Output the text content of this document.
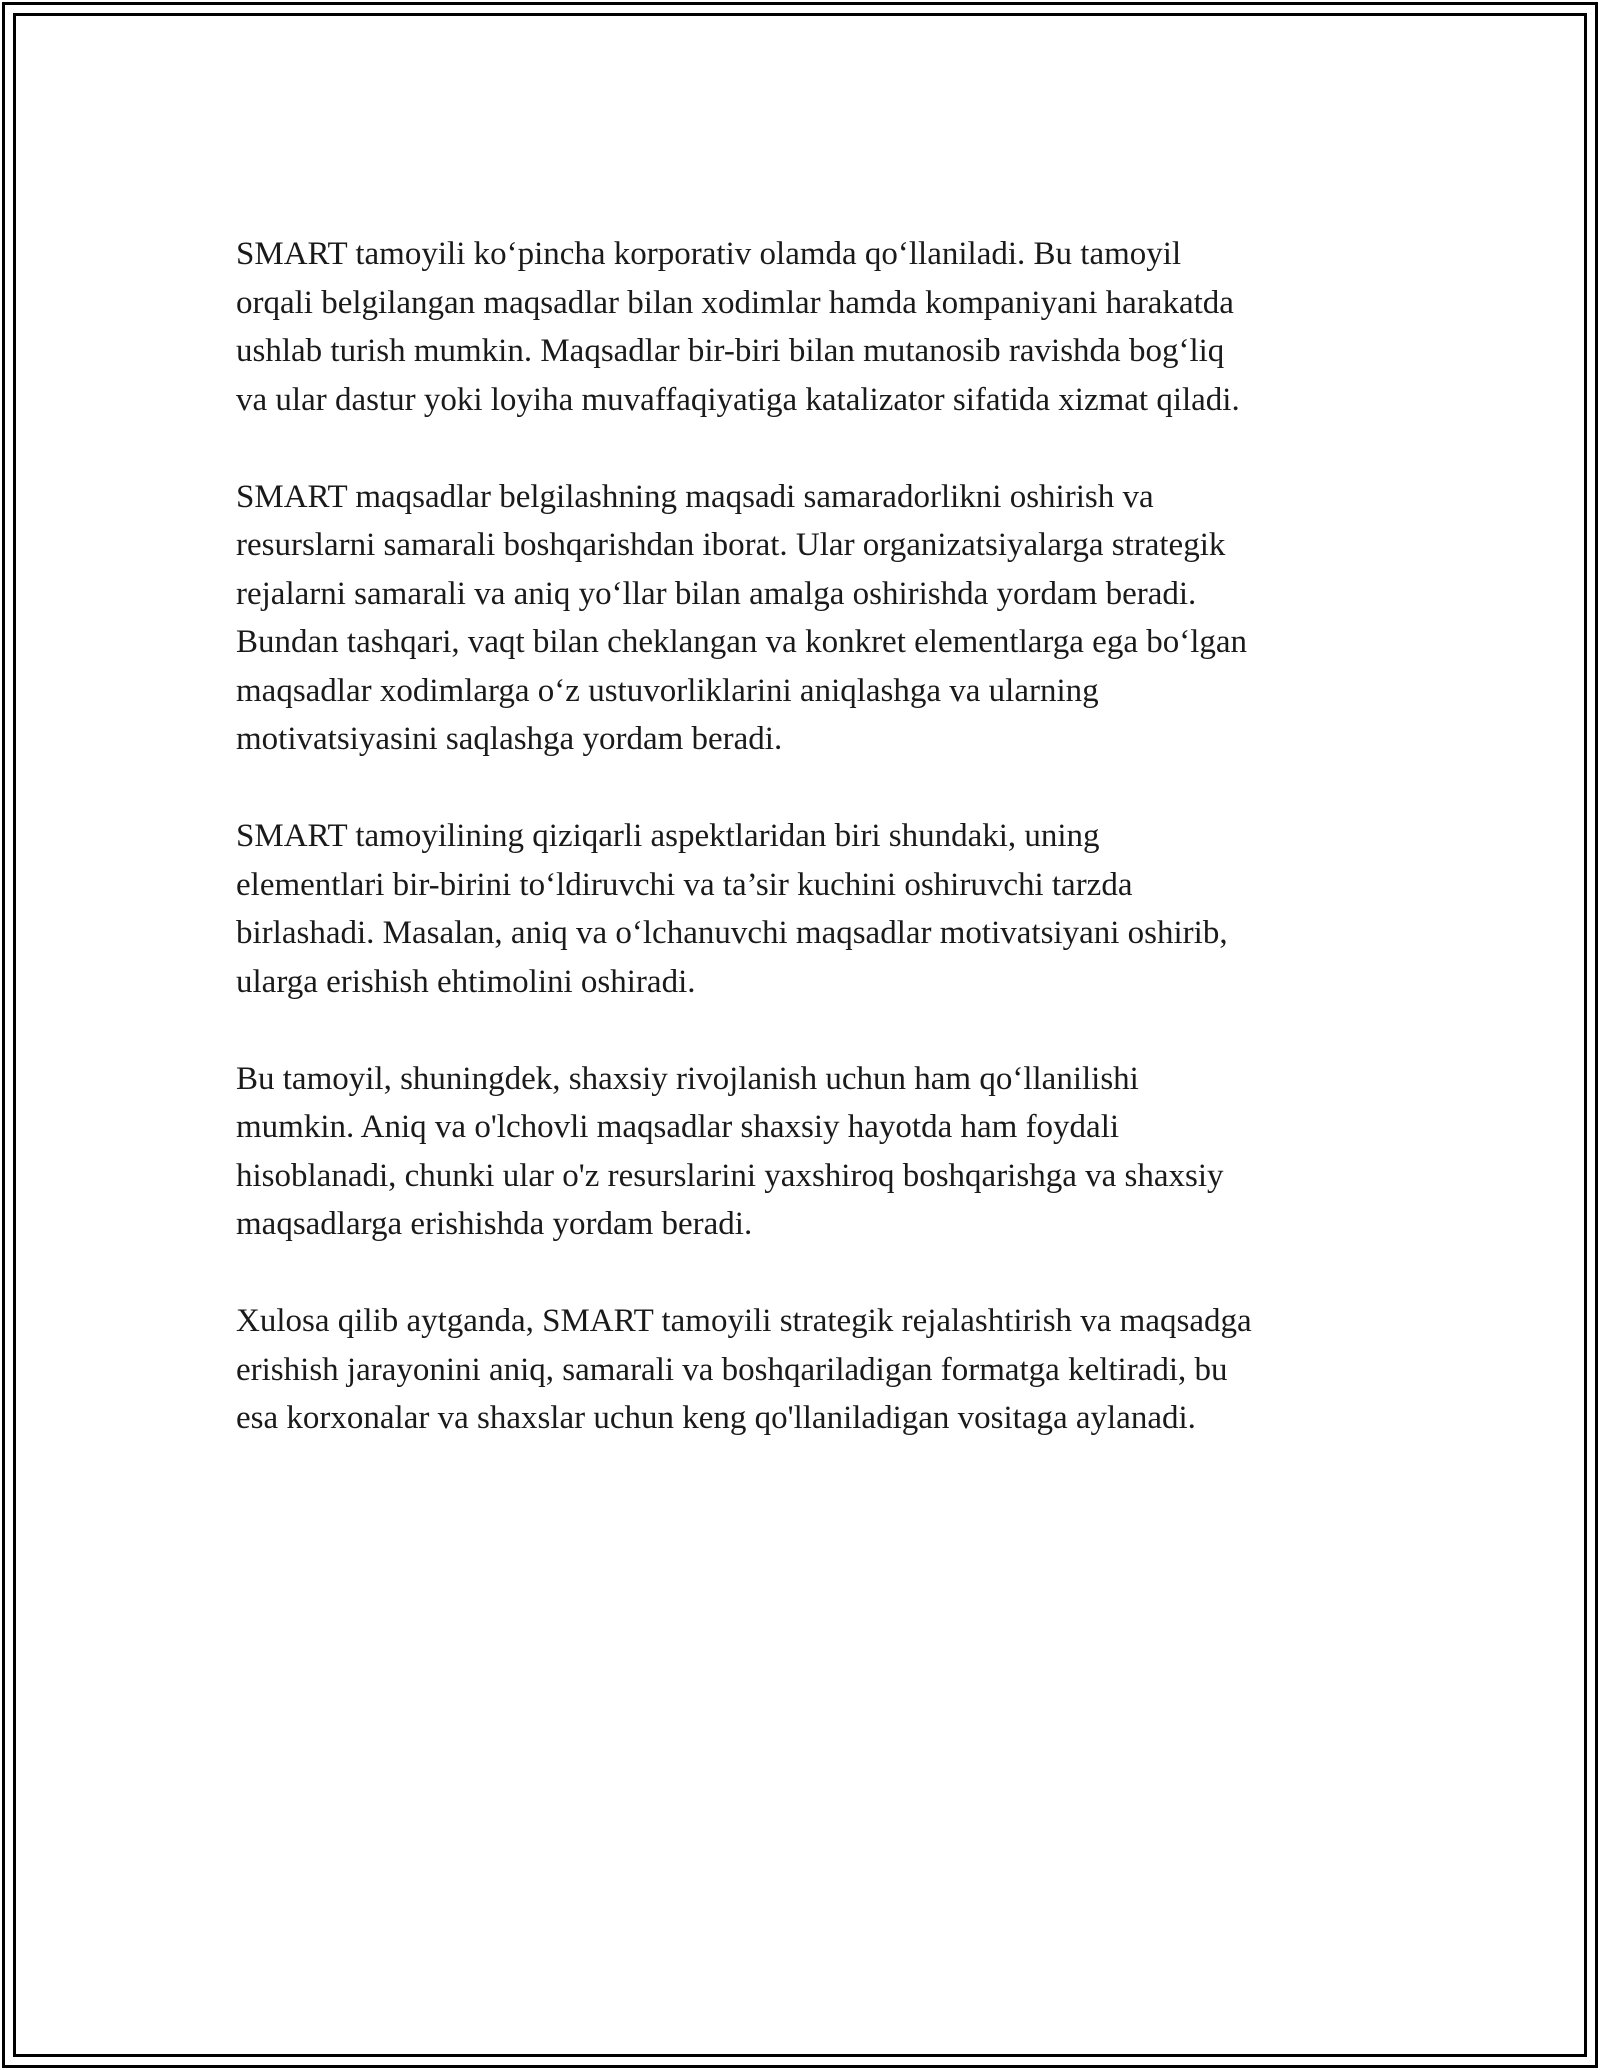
SMART tamoyili ko‘pincha korporativ olamda qo‘llaniladi. Bu tamoyil
orqali belgilangan maqsadlar bilan xodimlar hamda kompaniyani harakatda
ushlab turish mumkin. Maqsadlar bir-biri bilan mutanosib ravishda bog‘liq
va ular dastur yoki loyiha muvaffaqiyatiga katalizator sifatida xizmat qiladi.

SMART maqsadlar belgilashning maqsadi samaradorlikni oshirish va
resurslarni samarali boshqarishdan iborat. Ular organizatsiyalarga strategik
rejalarni samarali va aniq yo‘llar bilan amalga oshirishda yordam beradi.
Bundan tashqari, vaqt bilan cheklangan va konkret elementlarga ega bo‘lgan
maqsadlar xodimlarga o‘z ustuvorliklarini aniqlashga va ularning
motivatsiyasini saqlashga yordam beradi.

SMART tamoyilining qiziqarli aspektlaridan biri shundaki, uning
elementlari bir-birini to‘ldiruvchi va ta’sir kuchini oshiruvchi tarzda
birlashadi. Masalan, aniq va o‘lchanuvchi maqsadlar motivatsiyani oshirib,
ularga erishish ehtimolini oshiradi.

Bu tamoyil, shuningdek, shaxsiy rivojlanish uchun ham qo‘llanilishi
mumkin. Aniq va o'lchovli maqsadlar shaxsiy hayotda ham foydali
hisoblanadi, chunki ular o'z resurslarini yaxshiroq boshqarishga va shaxsiy
maqsadlarga erishishda yordam beradi.

Xulosa qilib aytganda, SMART tamoyili strategik rejalashtirish va maqsadga
erishish jarayonini aniq, samarali va boshqariladigan formatga keltiradi, bu
esa korxonalar va shaxslar uchun keng qo'llaniladigan vositaga aylanadi.
